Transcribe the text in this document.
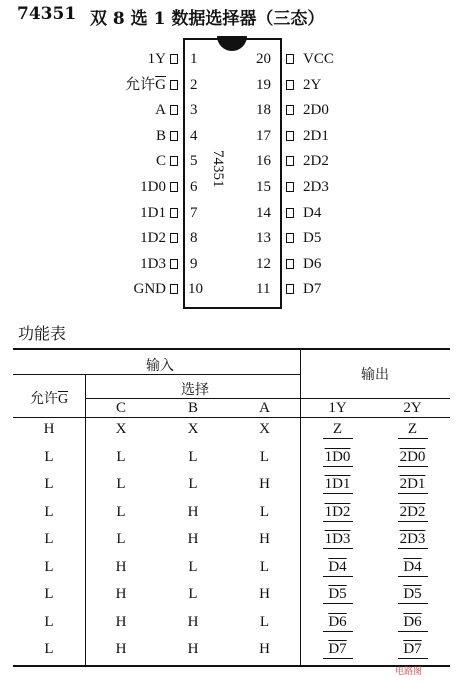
74351 双 8 选 1 数据选择器（三态）
74351
1Y 1
允许$\overline{G}$ 2
A 3
B 4
C 5
1D0 6
1D1 7
1D2 8
1D3 9
GND 10
20 VCC
19 2Y
18 2D0
17 2D1
16 2D2
15 2D3
14 D4
13 D5
12 D6
11 D7
功能表
输入
输出
选择
允许$\overline{G}$
C	B	A	1Y	2Y
H	X	X	X	Z	Z
L	L	L	L	1D0	2D0
L	L	L	H	1D1	2D1
L	L	H	L	1D2	2D2
L	L	H	H	1D3	2D3
L	H	L	L	D4	D4
L	H	L	H	D5	D5
L	H	H	L	D6	D6
L	H	H	H	D7	D7
电路图
